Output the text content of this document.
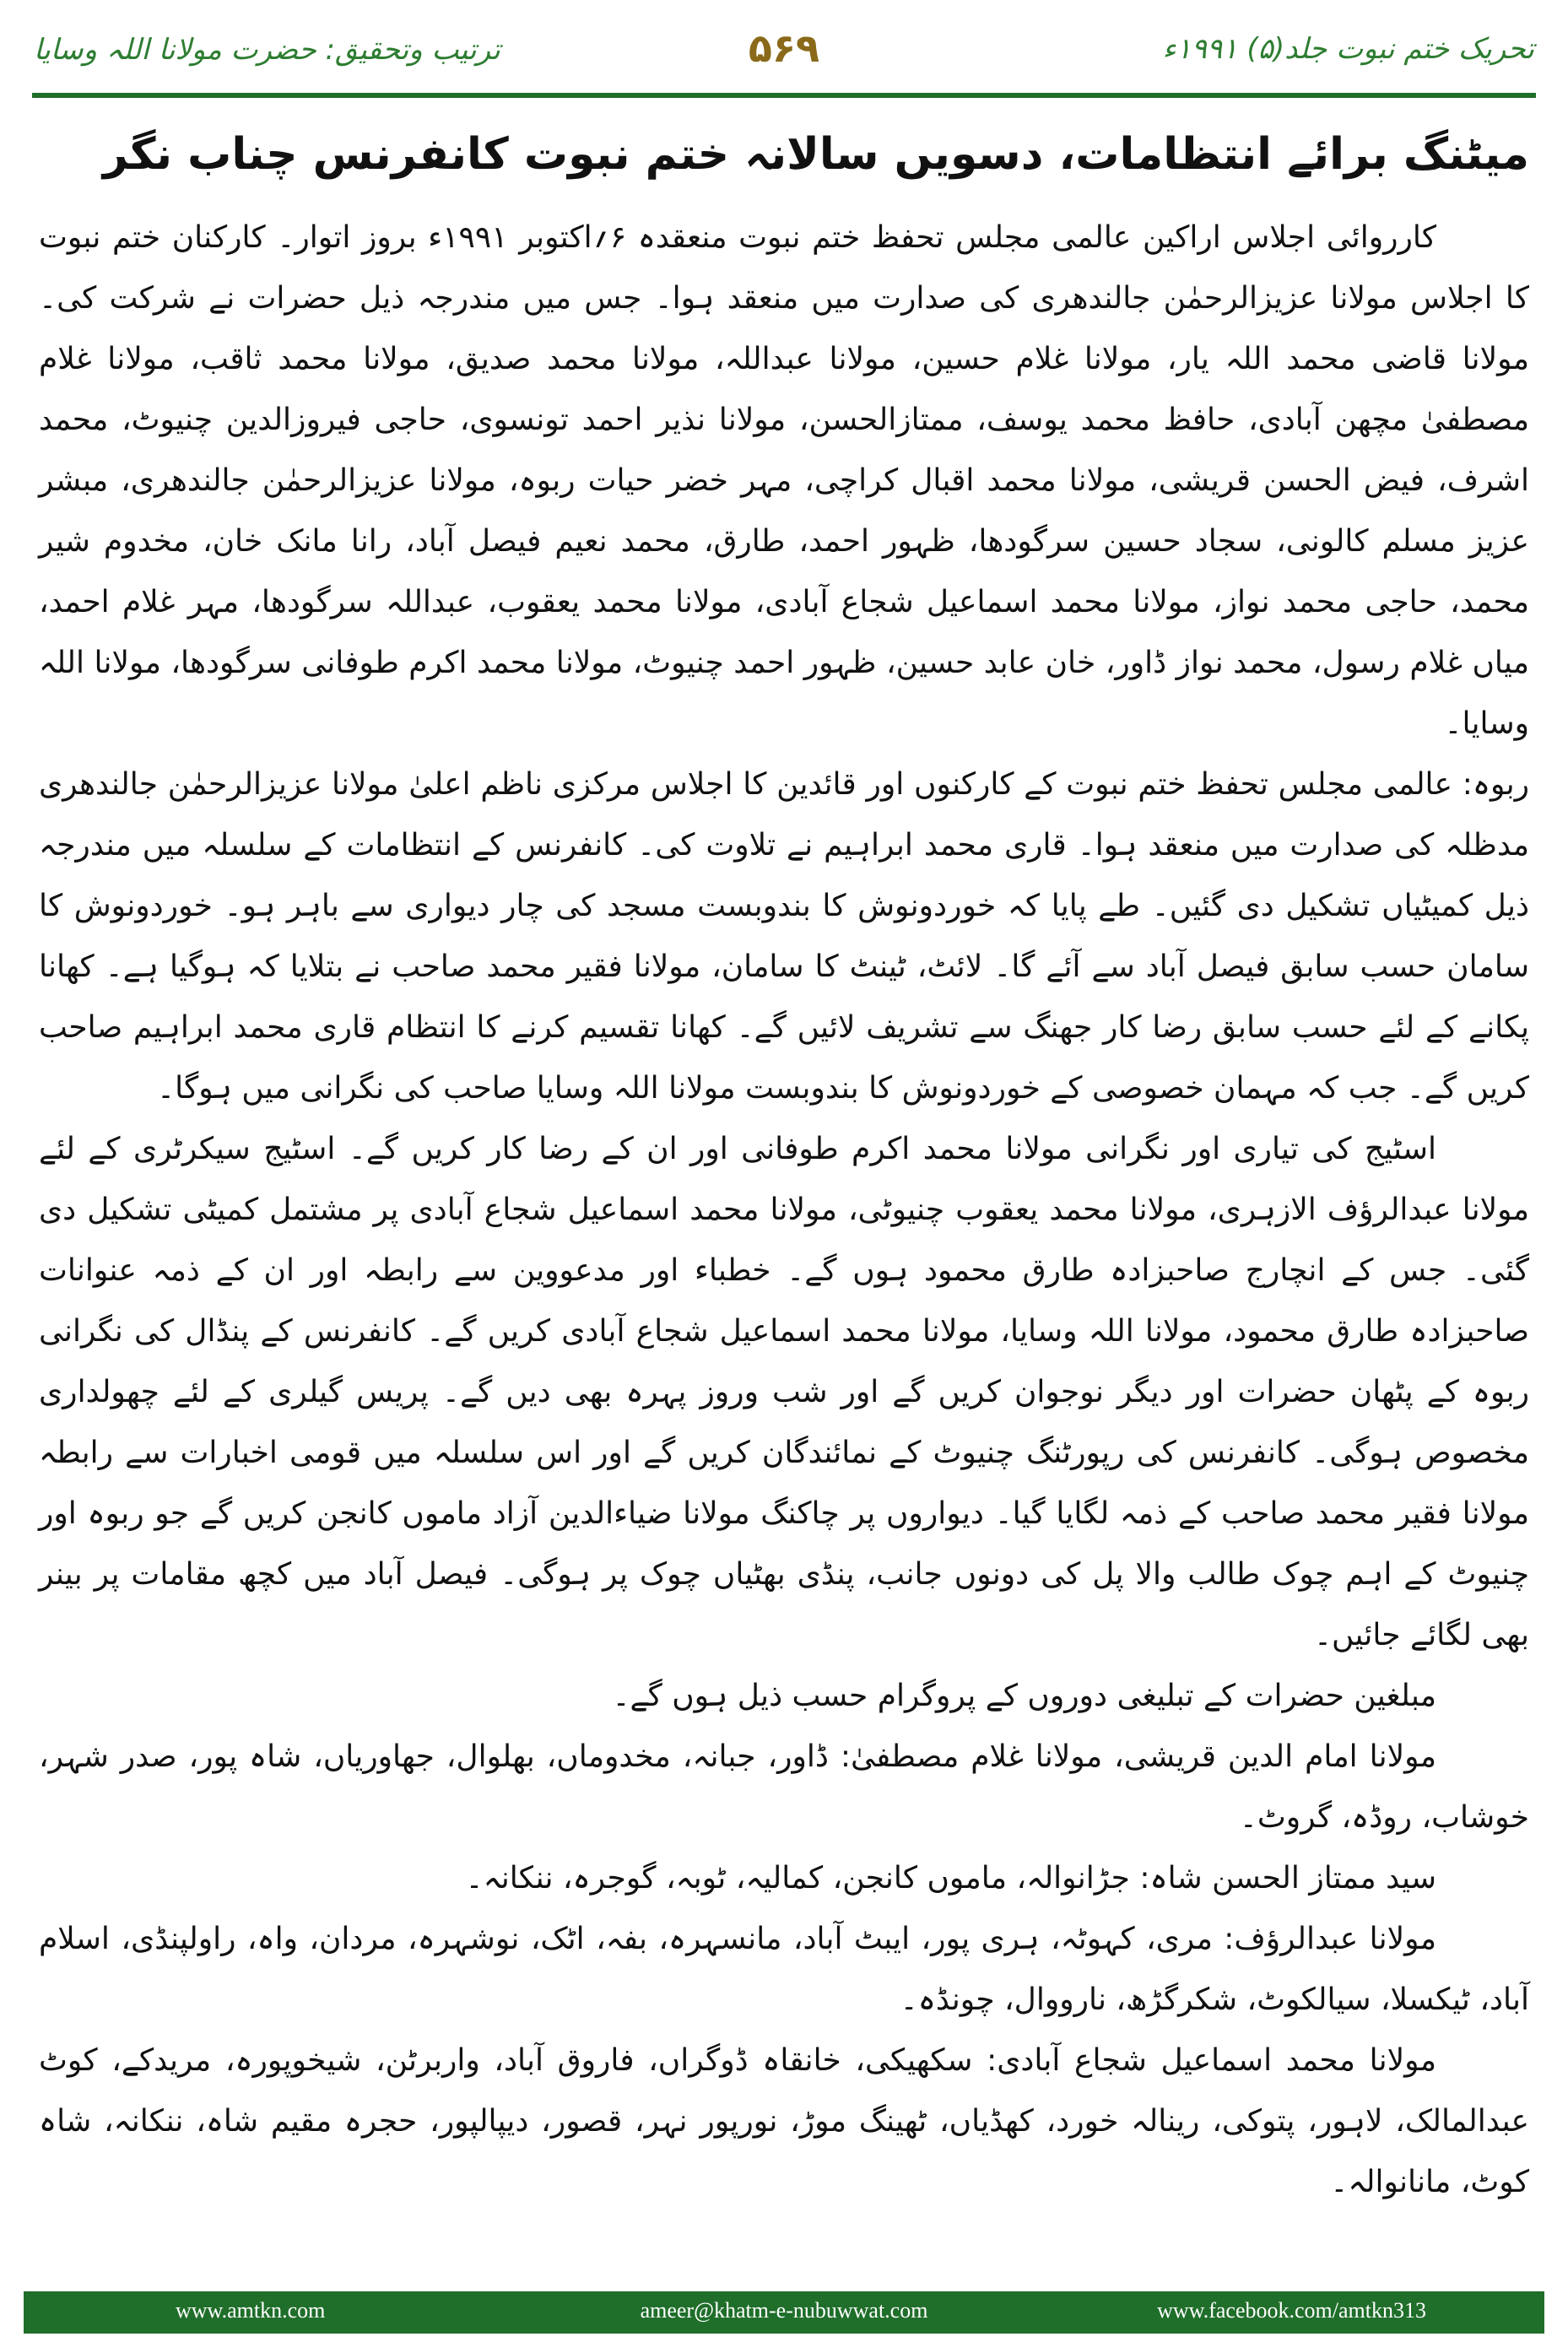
ترتیب وتحقیق: حضرت مولانا اللہ وسایا	۵۶۹	تحریک ختم نبوت جلد(۵) ۱۹۹۱ء
میٹنگ برائے انتظامات، دسویں سالانہ ختم نبوت کانفرنس چناب نگر

کارروائی اجلاس اراکین عالمی مجلس تحفظ ختم نبوت منعقدہ ۶؍اکتوبر ۱۹۹۱ء بروز اتوار۔ کارکنان ختم نبوت کا اجلاس مولانا عزیزالرحمٰن جالندھری کی صدارت میں منعقد ہوا۔ جس میں مندرجہ ذیل حضرات نے شرکت کی۔ مولانا قاضی محمد اللہ یار، مولانا غلام حسین، مولانا عبداللہ، مولانا محمد صدیق، مولانا محمد ثاقب، مولانا غلام مصطفیٰ مچھن آبادی، حافظ محمد یوسف، ممتازالحسن، مولانا نذیر احمد تونسوی، حاجی فیروزالدین چنیوٹ، محمد اشرف، فیض الحسن قریشی، مولانا محمد اقبال کراچی، مہر خضر حیات ربوہ، مولانا عزیزالرحمٰن جالندھری، مبشر عزیز مسلم کالونی، سجاد حسین سرگودھا، ظہور احمد، طارق، محمد نعیم فیصل آباد، رانا مانک خان، مخدوم شیر محمد، حاجی محمد نواز، مولانا محمد اسماعیل شجاع آبادی، مولانا محمد یعقوب، عبداللہ سرگودھا، مہر غلام احمد، میاں غلام رسول، محمد نواز ڈاور، خان عابد حسین، ظہور احمد چنیوٹ، مولانا محمد اکرم طوفانی سرگودھا، مولانا اللہ وسایا۔

ربوہ: عالمی مجلس تحفظ ختم نبوت کے کارکنوں اور قائدین کا اجلاس مرکزی ناظم اعلیٰ مولانا عزیزالرحمٰن جالندھری مدظلہ کی صدارت میں منعقد ہوا۔ قاری محمد ابراہیم نے تلاوت کی۔ کانفرنس کے انتظامات کے سلسلہ میں مندرجہ ذیل کمیٹیاں تشکیل دی گئیں۔ طے پایا کہ خوردونوش کا بندوبست مسجد کی چار دیواری سے باہر ہو۔ خوردونوش کا سامان حسب سابق فیصل آباد سے آئے گا۔ لائٹ، ٹینٹ کا سامان، مولانا فقیر محمد صاحب نے بتلایا کہ ہوگیا ہے۔ کھانا پکانے کے لئے حسب سابق رضا کار جھنگ سے تشریف لائیں گے۔ کھانا تقسیم کرنے کا انتظام قاری محمد ابراہیم صاحب کریں گے۔ جب کہ مہمان خصوصی کے خوردونوش کا بندوبست مولانا اللہ وسایا صاحب کی نگرانی میں ہوگا۔

اسٹیج کی تیاری اور نگرانی مولانا محمد اکرم طوفانی اور ان کے رضا کار کریں گے۔ اسٹیج سیکرٹری کے لئے مولانا عبدالرؤف الازہری، مولانا محمد یعقوب چنیوٹی، مولانا محمد اسماعیل شجاع آبادی پر مشتمل کمیٹی تشکیل دی گئی۔ جس کے انچارج صاحبزادہ طارق محمود ہوں گے۔ خطباء اور مدعووین سے رابطہ اور ان کے ذمہ عنوانات صاحبزادہ طارق محمود، مولانا اللہ وسایا، مولانا محمد اسماعیل شجاع آبادی کریں گے۔ کانفرنس کے پنڈال کی نگرانی ربوہ کے پٹھان حضرات اور دیگر نوجوان کریں گے اور شب وروز پہرہ بھی دیں گے۔ پریس گیلری کے لئے چھولداری مخصوص ہوگی۔ کانفرنس کی رپورٹنگ چنیوٹ کے نمائندگان کریں گے اور اس سلسلہ میں قومی اخبارات سے رابطہ مولانا فقیر محمد صاحب کے ذمہ لگایا گیا۔ دیواروں پر چاکنگ مولانا ضیاءالدین آزاد ماموں کانجن کریں گے جو ربوہ اور چنیوٹ کے اہم چوک طالب والا پل کی دونوں جانب، پنڈی بھٹیاں چوک پر ہوگی۔ فیصل آباد میں کچھ مقامات پر بینر بھی لگائے جائیں۔

مبلغین حضرات کے تبلیغی دوروں کے پروگرام حسب ذیل ہوں گے۔

مولانا امام الدین قریشی، مولانا غلام مصطفیٰ: ڈاور، جبانہ، مخدوماں، بھلوال، جھاوریاں، شاہ پور، صدر شہر، خوشاب، روڈہ، گروٹ۔

سید ممتاز الحسن شاہ: جڑانوالہ، ماموں کانجن، کمالیہ، ٹوبہ، گوجرہ، ننکانہ۔

مولانا عبدالرؤف: مری، کہوٹہ، ہری پور، ایبٹ آباد، مانسہرہ، بفہ، اٹک، نوشہرہ، مردان، واہ، راولپنڈی، اسلام آباد، ٹیکسلا، سیالکوٹ، شکرگڑھ، نارووال، چونڈہ۔

مولانا محمد اسماعیل شجاع آبادی: سکھیکی، خانقاہ ڈوگراں، فاروق آباد، واربرٹن، شیخوپورہ، مریدکے، کوٹ عبدالمالک، لاہور، پتوکی، رینالہ خورد، کھڈیاں، ٹھینگ موڑ، نورپور نہر، قصور، دیپالپور، حجرہ مقیم شاہ، ننکانہ، شاہ کوٹ، مانانوالہ۔

www.amtkn.com	ameer@khatm-e-nubuwwat.com	www.facebook.com/amtkn313
